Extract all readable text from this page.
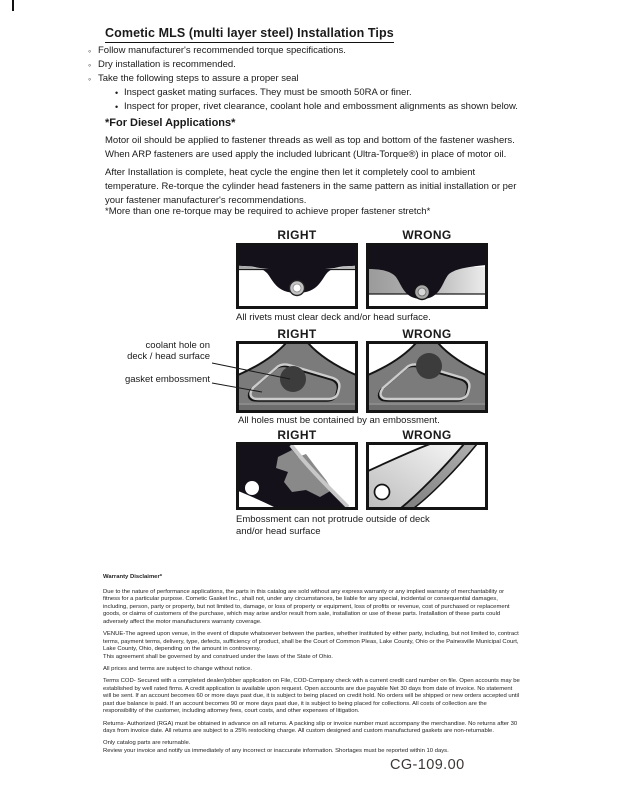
Cometic MLS (multi layer steel) Installation Tips
◦ Follow manufacturer's recommended torque specifications.
◦ Dry installation is recommended.
◦ Take the following steps to assure a proper seal
• Inspect gasket mating surfaces. They must be smooth 50RA or finer.
• Inspect for proper, rivet clearance, coolant hole and embossment alignments as shown below.
*For Diesel Applications*
Motor oil should be applied to fastener threads as well as top and bottom of the fastener washers. When ARP fasteners are used apply the included lubricant (Ultra-Torque®) in place of motor oil.
After Installation is complete, heat cycle the engine then let it completely cool to ambient temperature. Re-torque the cylinder head fasteners in the same pattern as initial installation or per your fastener manufacturer's recommendations.
*More than one re-torque may be required to achieve proper fastener stretch*
RIGHT	WRONG
All rivets must clear deck and/or head surface.
RIGHT	WRONG
coolant hole on
deck / head surface
gasket embossment
All holes must be contained by an embossment.
RIGHT	WRONG
Embossment can not protrude outside of deck
and/or head surface

Warranty Disclaimer*

Due to the nature of performance applications, the parts in this catalog are sold without any express warranty or any implied warranty of merchantability or fitness for a particular purpose. Cometic Gasket Inc., shall not, under any circumstances, be liable for any special, incidental or consequential damages, including, person, party or property, but not limited to, damage, or loss of property or equipment, loss of profits or revenue, cost of purchased or replacement goods, or claims of customers of the purchase, which may arise and/or result from sale, installation or use of these parts. Installation of these parts could adversely affect the motor manufacturers warranty coverage.

VENUE-The agreed upon venue, in the event of dispute whatsoever between the parties, whether instituted by either party, including, but not limited to, contract terms, payment terms, delivery, type, defects, sufficiency of product, shall be the Court of Common Pleas, Lake County, Ohio or the Painesville Municipal Court, Lake County, Ohio, depending on the amount in controversy.

This agreement shall be governed by and construed under the laws of the State of Ohio.

All prices and terms are subject to change without notice.

Terms COD- Secured with a completed dealer/jobber application on File, COD-Company check with a current credit card number on file. Open accounts may be established by well rated firms. A credit application is available upon request. Open accounts are due payable Net 30 days from date of invoice. No statement will be sent. If an account becomes 60 or more days past due, it is subject to being placed on credit hold. No orders will be shipped or new orders accepted until past due balance is paid. If an account becomes 90 or more days past due, it is subject to being placed for collections. All costs of collection are the responsibility of the customer, including attorney fees, court costs, and other expenses of litigation.

Returns- Authorized (RGA) must be obtained in advance on all returns. A packing slip or invoice number must accompany the merchandise. No returns after 30 days from invoice date. All returns are subject to a 25% restocking charge. All custom designed and custom manufactured gaskets are non-returnable.

Only catalog parts are returnable.

Review your invoice and notify us immediately of any incorrect or inaccurate information. Shortages must be reported within 10 days.

CG-109.00
